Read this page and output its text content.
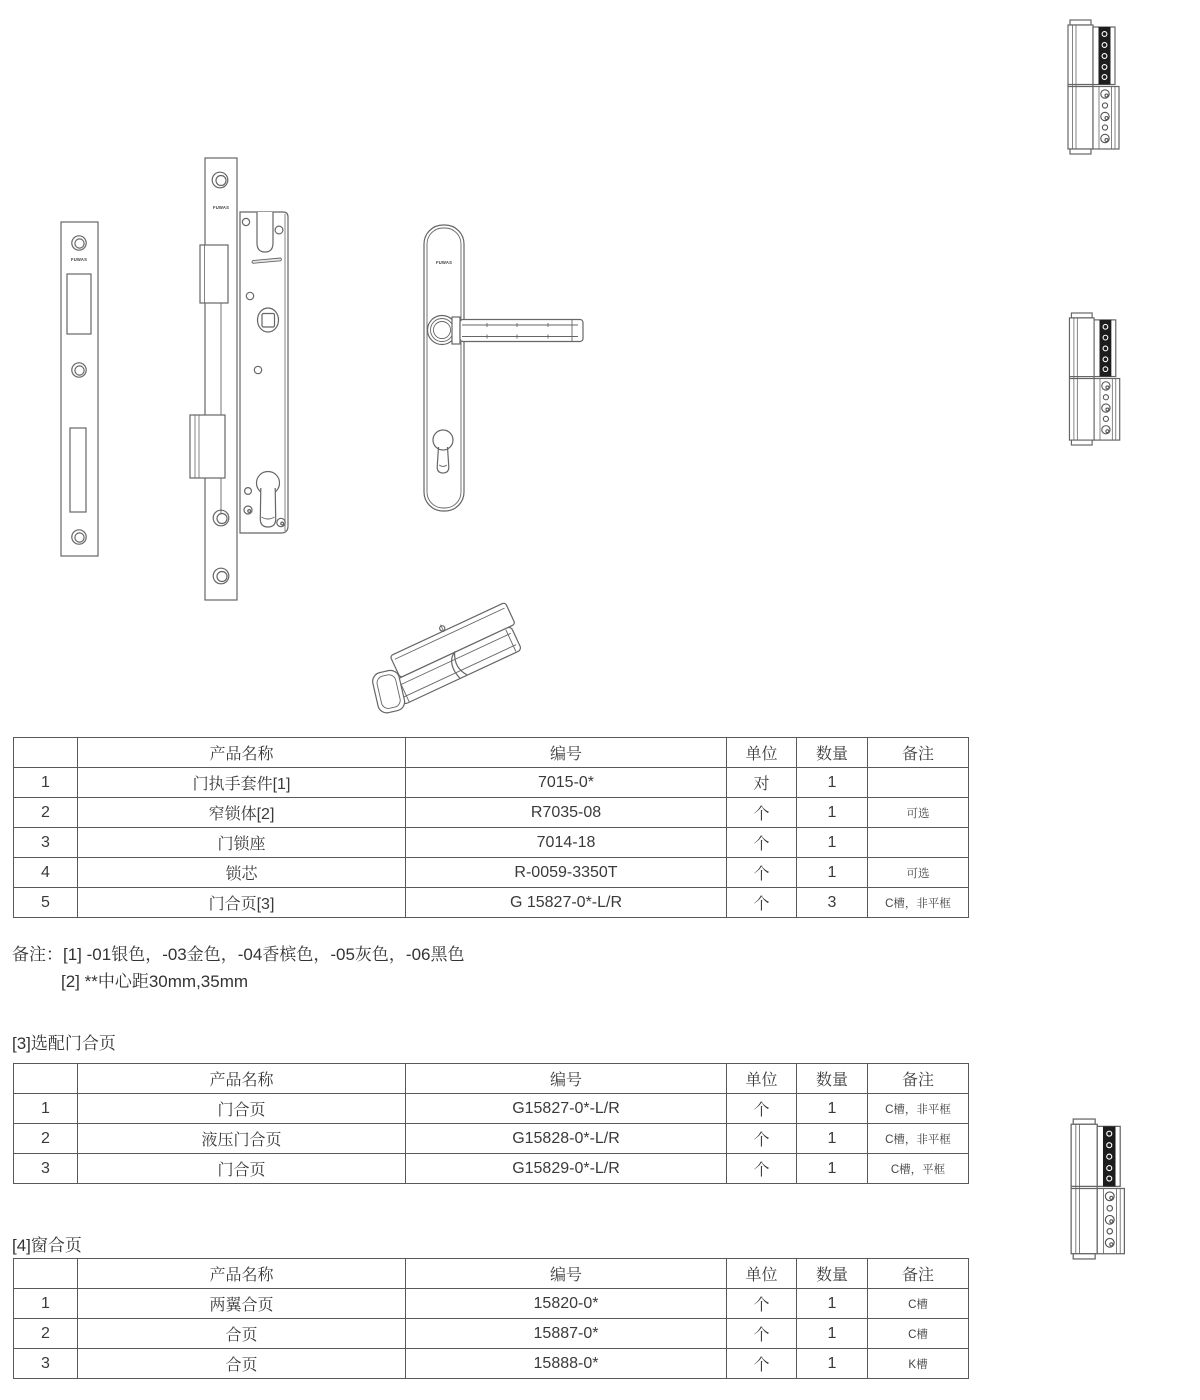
FUWAS
FUWAS
FUWAS
	产品名称	编号	单位	数量	备注
1	门执手套件[1]	7015-0*	对	1	
2	窄锁体[2]	R7035-08	个	1	可选
3	门锁座	7014-18	个	1	
4	锁芯	R-0059-3350T	个	1	可选
5	门合页[3]	G 15827-0*-L/R	个	3	C槽，非平框
备注：[1] -01银色，-03金色，-04香槟色，-05灰色，-06黑色
[2] **中心距30mm,35mm
[3]选配门合页
	产品名称	编号	单位	数量	备注
1	门合页	G15827-0*-L/R	个	1	C槽，非平框
2	液压门合页	G15828-0*-L/R	个	1	C槽，非平框
3	门合页	G15829-0*-L/R	个	1	C槽，平框
[4]窗合页
	产品名称	编号	单位	数量	备注
1	两翼合页	15820-0*	个	1	C槽
2	合页	15887-0*	个	1	C槽
3	合页	15888-0*	个	1	K槽
